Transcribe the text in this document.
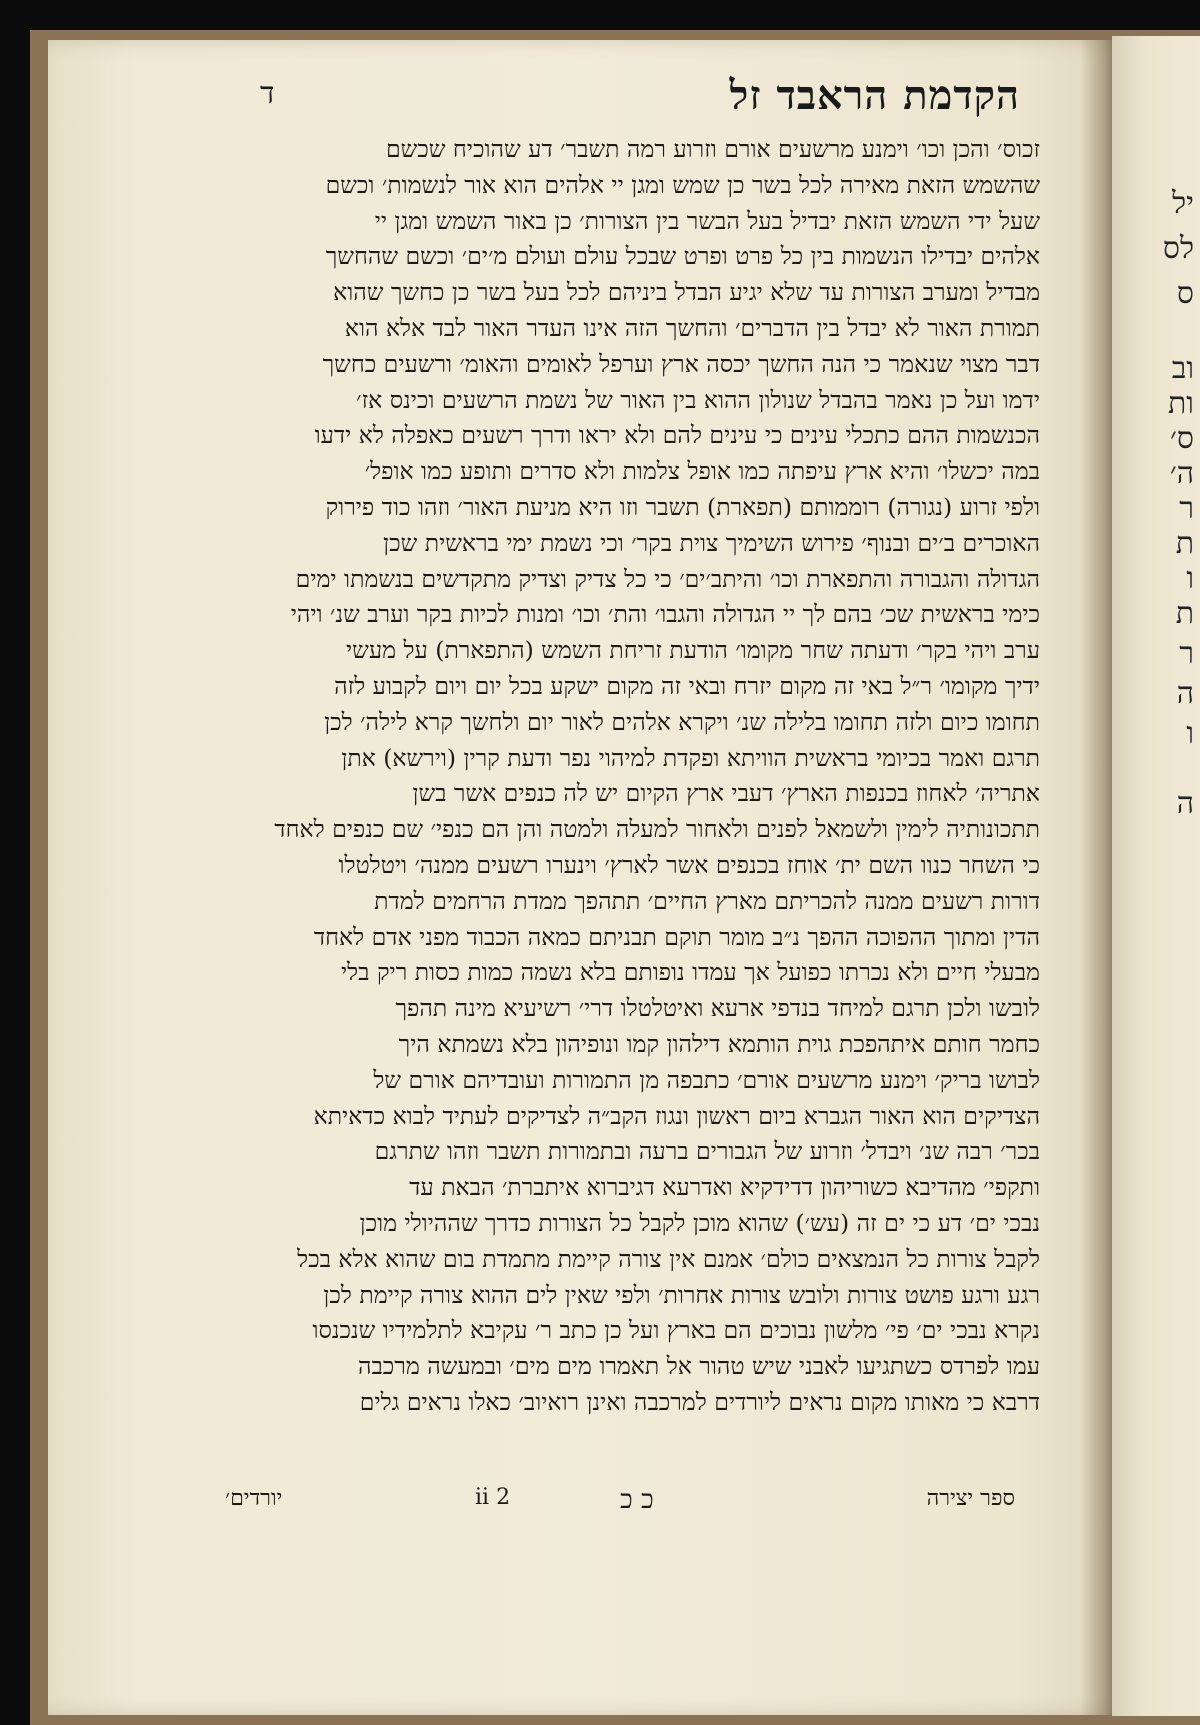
יל
לס
ס
וב
ות
ס׳
ה׳
ר
ת
ו
ת
ר
ה
ו
ה
הקדמת הראבד זל
ד
זכוס׳ והכן וכו׳ וימנע מרשעים אורם וזרוע רמה תשבר׳ דע שהוכיח שכשם
שהשמש הזאת מאירה לכל בשר כן שמש ומגן יי אלהים הוא אור לנשמות׳ וכשם
שעל ידי השמש הזאת יבדיל בעל הבשר בין הצורות׳ כן באור השמש ומגן יי
אלהים יבדילו הנשמות בין כל פרט ופרט שבכל עולם ועולם מ׳ים׳ וכשם שהחשך
מבדיל ומערב הצורות עד שלא יגיע הבדל ביניהם לכל בעל בשר כן כחשך שהוא
תמורת האור לא יבדל בין הדברים׳ והחשך הזה אינו העדר האור לבד אלא הוא
דבר מצוי שנאמר כי הנה החשך יכסה ארץ וערפל לאומים והאומ׳ ורשעים כחשך
ידמו ועל כן נאמר בהבדל שנולון ההוא בין האור של נשמת הרשעים וכינס אז׳
הכנשמות ההם כתכלי עינים כי עינים להם ולא יראו ודרך רשעים כאפלה לא ידעו
במה יכשלו׳ והיא ארץ עיפתה כמו אופל צלמות ולא סדרים ותופע כמו אופל׳
ולפי זרוע (נגורה) רוממותם (תפארת) תשבר וזו היא מניעת האור׳ וזהו כוד פירוק
האוכרים ב׳ים ובנוף׳ פירוש השימיך צוית בקר׳ וכי נשמת ימי בראשית שכן
הגדולה והגבורה והתפארת וכו׳ והיתב׳ים׳ כי כל צדיק וצדיק מתקדשים בנשמתו ימים
כימי בראשית שכ׳ בהם לך יי הגדולה והגבו׳ והת׳ וכו׳ ומנות לכיות בקר וערב שנ׳ ויהי
ערב ויהי בקר׳ ודעתה שחר מקומו׳ הודעת זריחת השמש (התפארת) על מעשי
ידיך מקומו׳ ר״ל באי זה מקום יזרח ובאי זה מקום ישקע בכל יום ויום לקבוע לזה
תחומו כיום ולזה תחומו בלילה שנ׳ ויקרא אלהים לאור יום ולחשך קרא לילה׳ לכן
תרגם ואמר בכיומי בראשית הוויתא ופקדת למיהוי נפר ודעת קרין (וירשא) אתן
אתריה׳ לאחוז בכנפות הארץ׳ דעבי ארץ הקיום יש לה כנפים אשר בשן
תתכונותיה לימין ולשמאל לפנים ולאחור למעלה ולמטה והן הם כנפי׳ שם כנפים לאחד
כי השחר כנוו השם ית׳ אוחז בכנפים אשר לארץ׳ וינערו רשעים ממנה׳ ויטלטלו
דורות רשעים ממנה להכריתם מארץ החיים׳ תתהפך ממדת הרחמים למדת
הדין ומתוך ההפוכה ההפך נ״ב מומר תוקם תבניתם כמאה הכבוד מפני אדם לאחד
מבעלי חיים ולא נכרתו כפועל אך עמדו נופותם בלא נשמה כמות כסות ריק בלי
לובשו ולכן תרגם למיחד בנדפי ארעא ואיטלטלו דרי׳ רשיעיא מינה תהפך
כחמר חותם איתהפכת גוית הותמא דילהון קמו ונופיהון בלא נשמתא היך
לבושו בריק׳ וימנע מרשעים אורם׳ כתבפה מן התמורות ועובדיהם אורם של
הצדיקים הוא האור הגברא ביום ראשון ונגוז הקב״ה לצדיקים לעתיד לבוא כדאיתא
בכר׳ רבה שנ׳ ויבדל׳ וזרוע של הגבורים ברעה ובתמורות תשבר וזהו שתרגם
ותקפי׳ מהדיבא כשוריהון דדידקיא ואדרעא דגיברוא איתברת׳ הבאת עד
נבכי ים׳ דע כי ים זה (עש׳) שהוא מוכן לקבל כל הצורות כדרך שההיולי מוכן
לקבל צורות כל הנמצאים כולם׳ אמנם אין צורה קיימת מתמדת בום שהוא אלא בכל
רגע ורגע פושט צורות ולובש צורות אחרות׳ ולפי שאין לים ההוא צורה קיימת לכן
נקרא נבכי ים׳ פי׳ מלשון נבוכים הם בארץ ועל כן כתב ר׳ עקיבא לתלמידיו שנכנסו
עמו לפרדס כשתגיעו לאבני שיש טהור אל תאמרו מים מים׳ ובמעשה מרכבה
דרבא כי מאותו מקום נראים ליורדים למרכבה ואינן רואיוב׳ כאלו נראים גלים
ספר יצירה
כ כ
ii 2
יורדים׳
